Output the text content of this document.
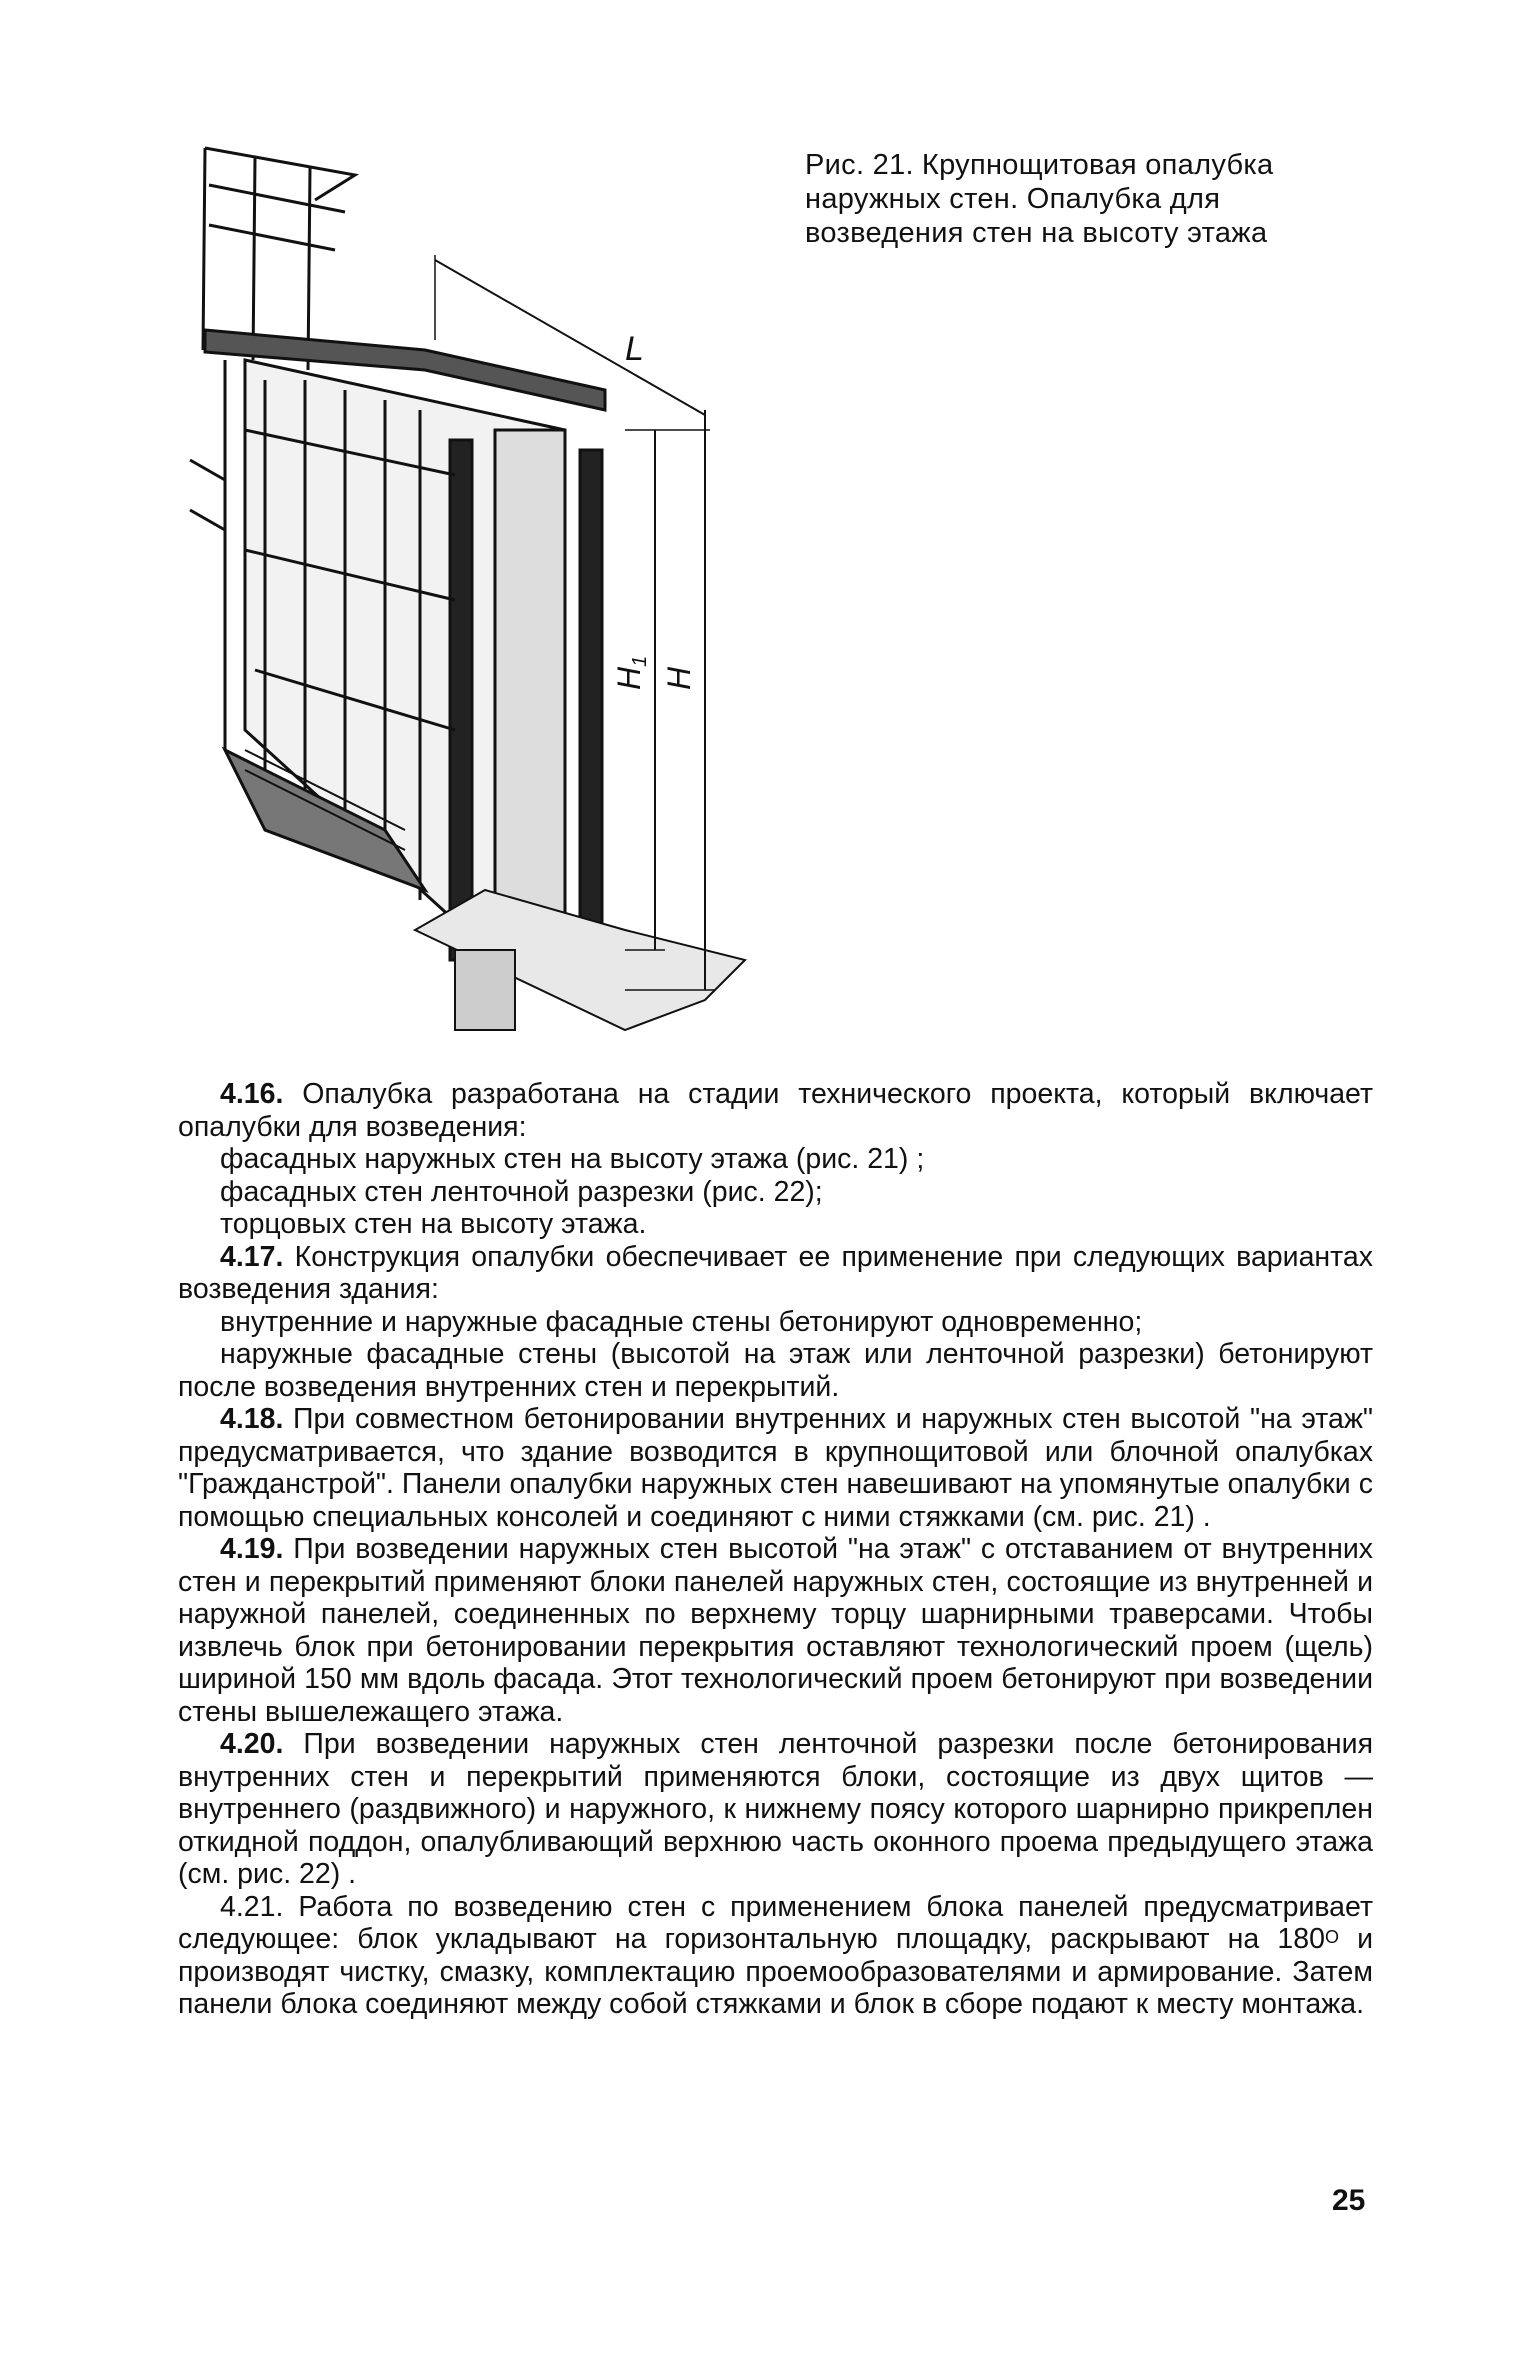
L
H1
H
Рис. 21. Крупнощитовая опалубка наружных стен. Опалубка для возведения стен на высоту этажа

4.16. Опалубка разработана на стадии технического проекта, который включает опалубки для возведения:

фасадных наружных стен на высоту этажа (рис. 21) ;

фасадных стен ленточной разрезки (рис. 22);

торцовых стен на высоту этажа.

4.17. Конструкция опалубки обеспечивает ее применение при следующих вариантах возведения здания:

внутренние и наружные фасадные стены бетонируют одновременно;

наружные фасадные стены (высотой на этаж или ленточной разрезки) бетонируют после возведения внутренних стен и перекрытий.

4.18. При совместном бетонировании внутренних и наружных стен высотой "на этаж" предусматривается, что здание возводится в крупнощитовой или блочной опалубках "Гражданстрой". Панели опалубки наружных стен навешивают на упомянутые опалубки с помощью специальных консолей и соединяют с ними стяжками (см. рис. 21) .

4.19. При возведении наружных стен высотой "на этаж" с отставанием от внутренних стен и перекрытий применяют блоки панелей наружных стен, состоящие из внутренней и наружной панелей, соединенных по верхнему торцу шарнирными траверсами. Чтобы извлечь блок при бетонировании перекрытия оставляют технологический проем (щель) шириной 150 мм вдоль фасада. Этот технологический проем бетонируют при возведении стены вышележащего этажа.

4.20. При возведении наружных стен ленточной разрезки после бетонирования внутренних стен и перекрытий применяются блоки, состоящие из двух щитов — внутреннего (раздвижного) и наружного, к нижнему поясу которого шарнирно прикреплен откидной поддон, опалубливающий верхнюю часть оконного проема предыдущего этажа (см. рис. 22) .

4.21. Работа по возведению стен с применением блока панелей предусматривает следующее: блок укладывают на горизонтальную площадку, раскрывают на $180^О$ и производят чистку, смазку, комплектацию проемообразователями и армирование. Затем панели блока соединяют между собой стяжками и блок в сборе подают к месту монтажа.

25
